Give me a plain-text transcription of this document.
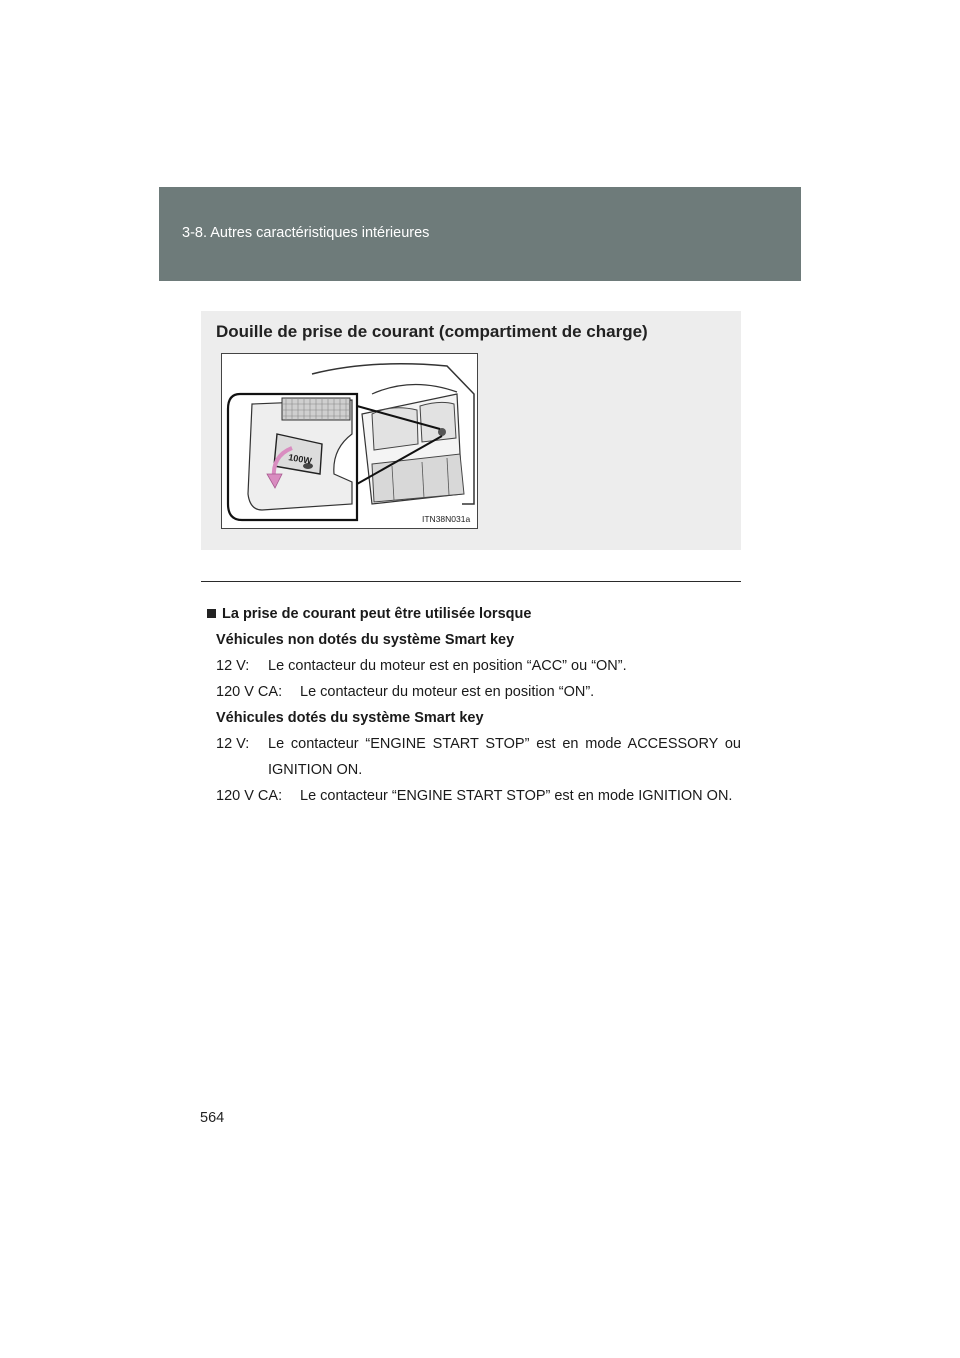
3-8. Autres caractéristiques intérieures
Douille de prise de courant (compartiment de charge)
100W
ITN38N031a
La prise de courant peut être utilisée lorsque
Véhicules non dotés du système Smart key
12 V:	Le contacteur du moteur est en position “ACC” ou “ON”.
120 V CA:	Le contacteur du moteur est en position “ON”.
Véhicules dotés du système Smart key
12 V:	Le contacteur “ENGINE START STOP” est en mode ACCESSORY ou IGNITION ON.
120 V CA:	Le contacteur “ENGINE START STOP” est en mode IGNITION ON.
564
